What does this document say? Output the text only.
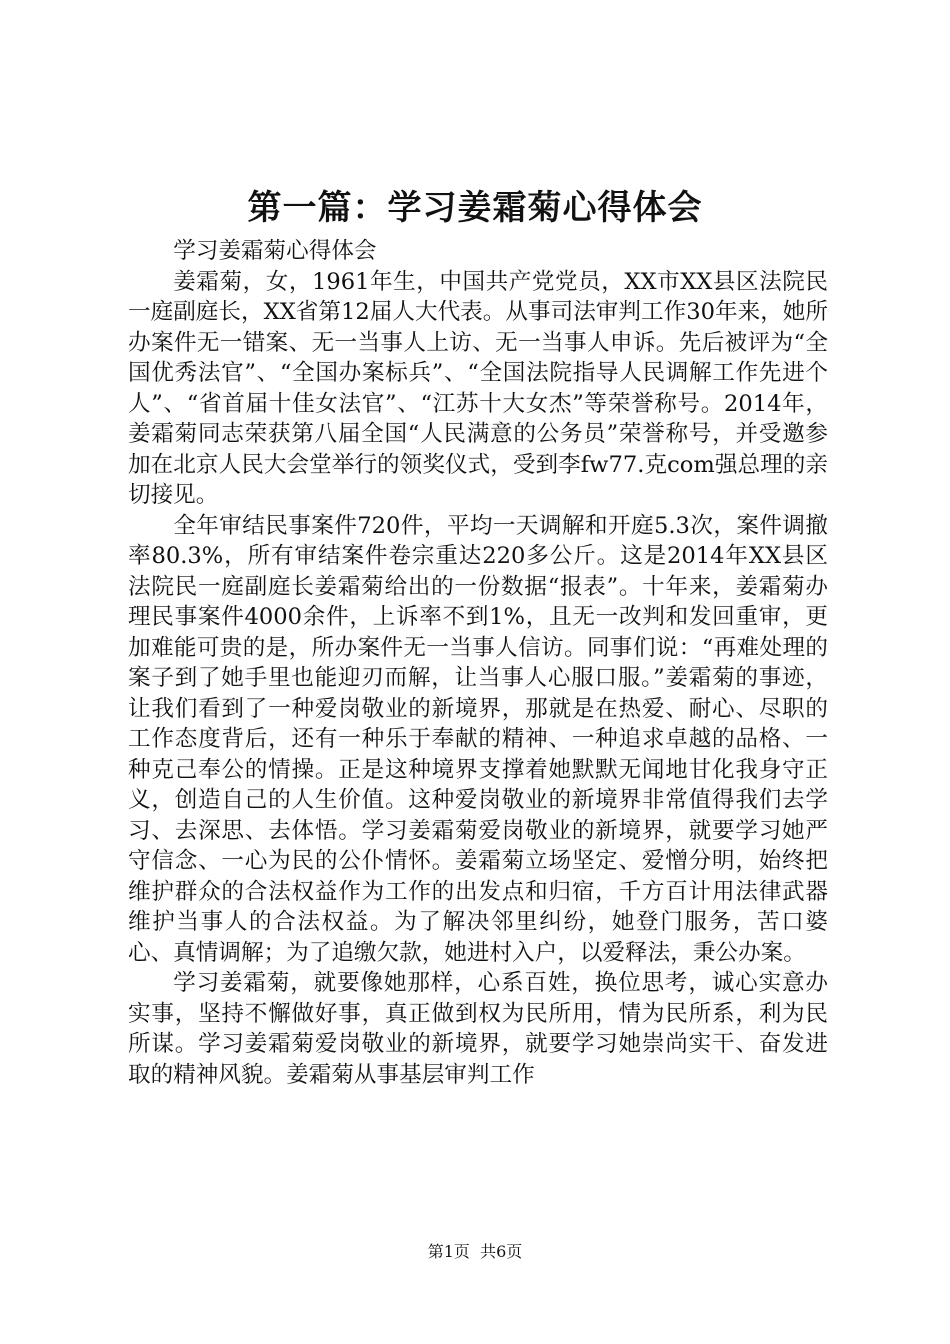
第一篇：学习姜霜菊心得体会

学习姜霜菊心得体会

姜霜菊，女，1961年生，中国共产党党员，XX市XX县区法院民一庭副庭长，XX省第12届人大代表。从事司法审判工作30年来，她所办案件无一错案、无一当事人上访、无一当事人申诉。先后被评为“全国优秀法官”、“全国办案标兵”、“全国法院指导人民调解工作先进个人”、“省首届十佳女法官”、“江苏十大女杰”等荣誉称号。2014年，姜霜菊同志荣获第八届全国“人民满意的公务员”荣誉称号，并受邀参加在北京人民大会堂举行的领奖仪式，受到李fw77.克com强总理的亲切接见。

全年审结民事案件720件，平均一天调解和开庭5.3次，案件调撤率80.3%，所有审结案件卷宗重达220多公斤。这是2014年XX县区法院民一庭副庭长姜霜菊给出的一份数据“报表”。十年来，姜霜菊办理民事案件4000余件，上诉率不到1%，且无一改判和发回重审，更加难能可贵的是，所办案件无一当事人信访。同事们说：“再难处理的案子到了她手里也能迎刃而解，让当事人心服口服。”姜霜菊的事迹，让我们看到了一种爱岗敬业的新境界，那就是在热爱、耐心、尽职的工作态度背后，还有一种乐于奉献的精神、一种追求卓越的品格、一种克己奉公的情操。正是这种境界支撑着她默默无闻地甘化我身守正义，创造自己的人生价值。这种爱岗敬业的新境界非常值得我们去学习、去深思、去体悟。学习姜霜菊爱岗敬业的新境界，就要学习她严守信念、一心为民的公仆情怀。姜霜菊立场坚定、爱憎分明，始终把维护群众的合法权益作为工作的出发点和归宿，千方百计用法律武器维护当事人的合法权益。为了解决邻里纠纷，她登门服务，苦口婆心、真情调解；为了追缴欠款，她进村入户，以爱释法，秉公办案。

学习姜霜菊，就要像她那样，心系百姓，换位思考，诚心实意办实事，坚持不懈做好事，真正做到权为民所用，情为民所系，利为民所谋。学习姜霜菊爱岗敬业的新境界，就要学习她崇尚实干、奋发进取的精神风貌。姜霜菊从事基层审判工作

第1页 共6页
